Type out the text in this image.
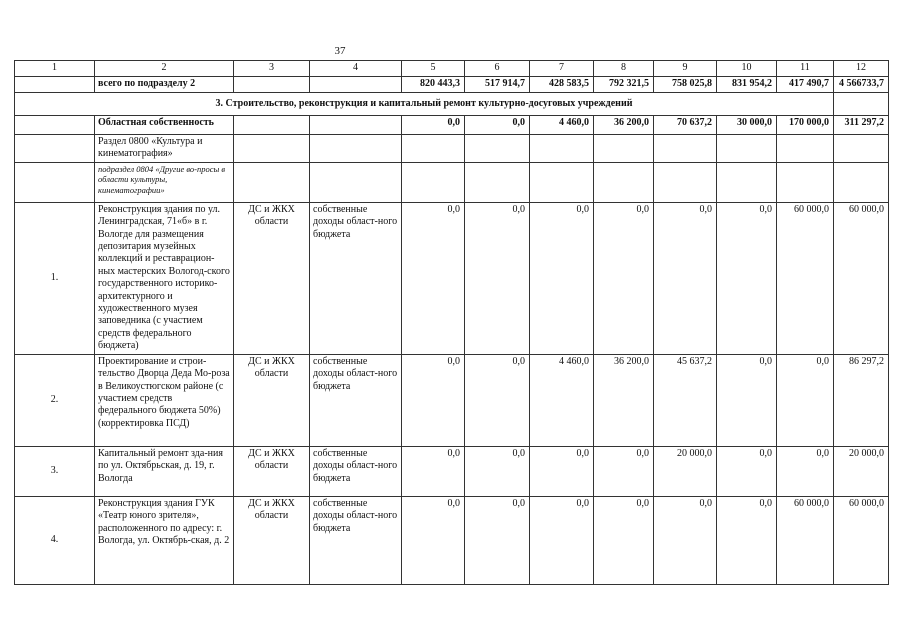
37
1	2	3	4	5	6	7	8	9	10	11	12
	всего по подразделу 2			820 443,3	517 914,7	428 583,5	792 321,5	758 025,8	831 954,2	417 490,7	4 566733,7
3. Строительство, реконструкция и капитальный ремонт культурно-досуговых учреждений											
	Областная собственность			0,0	0,0	4 460,0	36 200,0	70 637,2	30 000,0	170 000,0	311 297,2
	Раздел 0800 «Культура и кинематография»										
	подраздел 0804 «Другие во-просы в области культуры, кинематографии»										
1.	Реконструкция здания по ул. Ленинградская, 71«б» в г. Вологде для размещения депозитария музейных коллекций и реставрацион-ных мастерских Вологод-ского государственного историко-архитектурного и художественного музея заповедника (с участием средств федерального бюджета)	ДС и ЖКХ области	собственные доходы област-ного бюджета	0,0	0,0	0,0	0,0	0,0	0,0	60 000,0	60 000,0
2.	Проектирование и строи-тельство Дворца Деда Мо-роза в Великоустюгском районе (с участием средств федерального бюджета 50%) (корректировка ПСД)	ДС и ЖКХ области	собственные доходы област-ного бюджета	0,0	0,0	4 460,0	36 200,0	45 637,2	0,0	0,0	86 297,2
3.	Капитальный ремонт зда-ния по ул. Октябрьская, д. 19, г. Вологда	ДС и ЖКХ области	собственные доходы област-ного бюджета	0,0	0,0	0,0	0,0	20 000,0	0,0	0,0	20 000,0
4.	Реконструкция здания ГУК «Театр юного зрителя», расположенного по адресу: г. Вологда, ул. Октябрь-ская, д. 2	ДС и ЖКХ области	собственные доходы област-ного бюджета	0,0	0,0	0,0	0,0	0,0	0,0	60 000,0	60 000,0
